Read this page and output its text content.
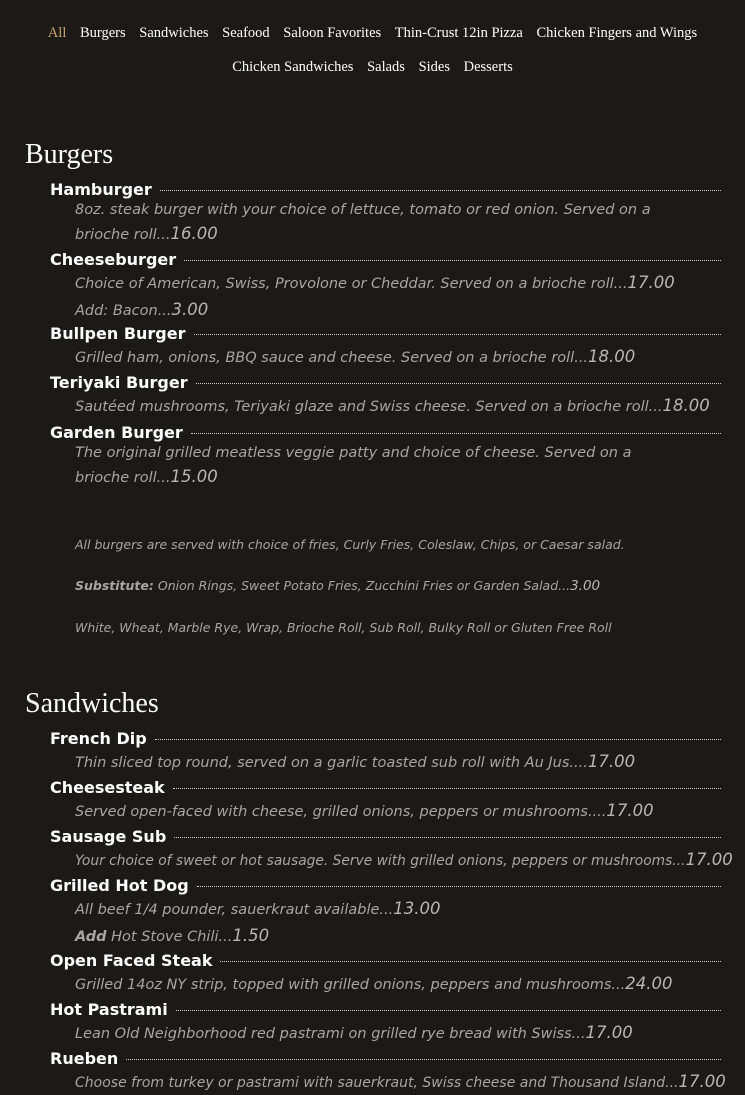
All Burgers Sandwiches Seafood Saloon Favorites Thin-Crust 12in Pizza Chicken Fingers and Wings
Chicken Sandwiches Salads Sides Desserts
Burgers
Hamburger
8oz. steak burger with your choice of lettuce, tomato or red onion. Served on a brioche roll...16.00
Cheeseburger
Choice of American, Swiss, Provolone or Cheddar. Served on a brioche roll...17.00
Add: Bacon...3.00
Bullpen Burger
Grilled ham, onions, BBQ sauce and cheese. Served on a brioche roll...18.00
Teriyaki Burger
Sautéed mushrooms, Teriyaki glaze and Swiss cheese. Served on a brioche roll...18.00
Garden Burger
The original grilled meatless veggie patty and choice of cheese. Served on a brioche roll...15.00
All burgers are served with choice of fries, Curly Fries, Coleslaw, Chips, or Caesar salad.
Substitute: Onion Rings, Sweet Potato Fries, Zucchini Fries or Garden Salad...3.00
White, Wheat, Marble Rye, Wrap, Brioche Roll, Sub Roll, Bulky Roll or Gluten Free Roll
Sandwiches
French Dip
Thin sliced top round, served on a garlic toasted sub roll with Au Jus....17.00
Cheesesteak
Served open-faced with cheese, grilled onions, peppers or mushrooms....17.00
Sausage Sub
Your choice of sweet or hot sausage. Serve with grilled onions, peppers or mushrooms...17.00
Grilled Hot Dog
All beef 1/4 pounder, sauerkraut available...13.00
Add Hot Stove Chili...1.50
Open Faced Steak
Grilled 14oz NY strip, topped with grilled onions, peppers and mushrooms...24.00
Hot Pastrami
Lean Old Neighborhood red pastrami on grilled rye bread with Swiss...17.00
Rueben
Choose from turkey or pastrami with sauerkraut, Swiss cheese and Thousand Island...17.00
